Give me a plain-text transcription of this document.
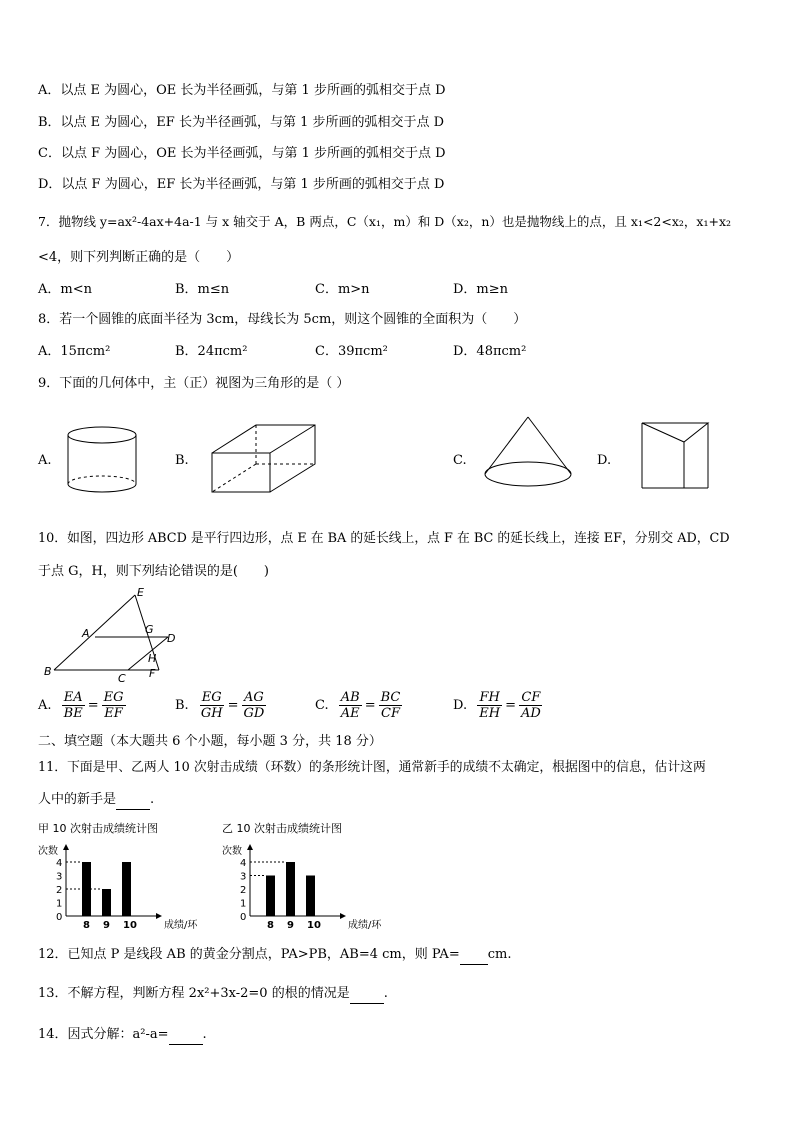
A．以点 E 为圆心，OE 长为半径画弧，与第 1 步所画的弧相交于点 D
B．以点 E 为圆心，EF 长为半径画弧，与第 1 步所画的弧相交于点 D
C．以点 F 为圆心，OE 长为半径画弧，与第 1 步所画的弧相交于点 D
D．以点 F 为圆心，EF 长为半径画弧，与第 1 步所画的弧相交于点 D
7．抛物线 y=ax²-4ax+4a-1 与 x 轴交于 A，B 两点，C（x₁，m）和 D（x₂，n）也是抛物线上的点，且 x₁<2<x₂，x₁+x₂
<4，则下列判断正确的是（　　）
A．m<n	B．m≤n	C．m>n	D．m≥n
8．若一个圆锥的底面半径为 3cm，母线长为 5cm，则这个圆锥的全面积为（　　）
A．15πcm²	B．24πcm²	C．39πcm²	D．48πcm²
9．下面的几何体中，主（正）视图为三角形的是（ ）
A.	B.	C.	D.
10．如图，四边形 ABCD 是平行四边形，点 E 在 BA 的延长线上，点 F 在 BC 的延长线上，连接 EF，分别交 AD，CD
于点 G，H，则下列结论错误的是(　　)
E
A	G
D
H
B
C F
A.
$\frac{EA}{BE} = \frac{EG}{EF}$	B.
$\frac{EG}{GH} = \frac{AG}{GD}$	C.
$\frac{AB}{AE} = \frac{BC}{CF}$	D.
$\frac{FH}{EH} = \frac{CF}{AD}$
二、填空题（本大题共 6 个小题，每小题 3 分，共 18 分）
11．下面是甲、乙两人 10 次射击成绩（环数）的条形统计图，通常新手的成绩不太确定，根据图中的信息，估计这两
人中的新手是	.
甲 10 次射击成绩统计图
次数
成绩/环
0
1
2
3
4
8 9 10
乙 10 次射击成绩统计图
次数
成绩/环
0
1
2
3
4
8 9 10
12．已知点 P 是线段 AB 的黄金分割点，PA>PB，AB=4 cm，则 PA= cm.
13．不解方程，判断方程 2x²+3x-2=0 的根的情况是	.
14．因式分解：a²-a=	.
